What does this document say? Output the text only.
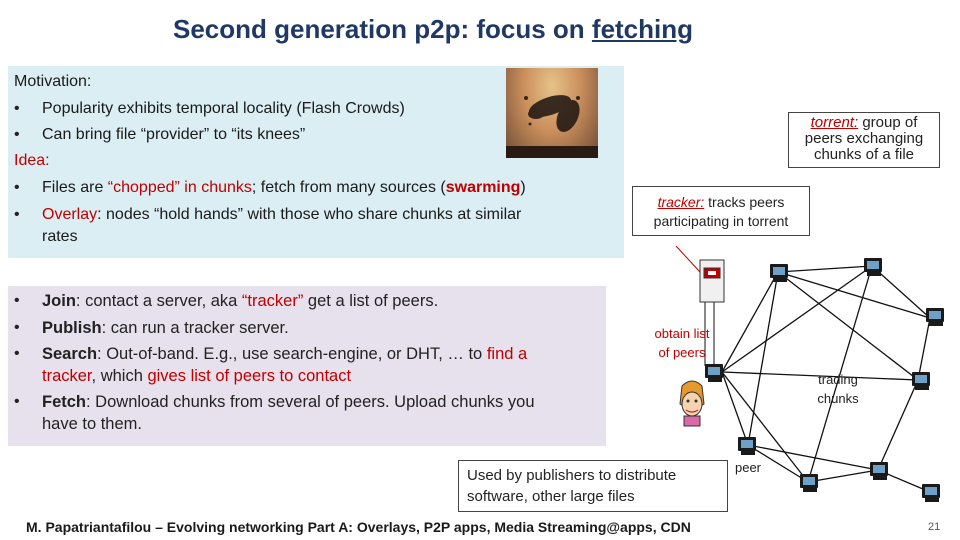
Second generation p2p: focus on fetching
Motivation:
• Popularity exhibits temporal locality (Flash Crowds)
• Can bring file “provider” to “its knees”
Idea:
• Files are “chopped” in chunks; fetch from many sources (swarming)
• Overlay: nodes “hold hands” with those who share chunks at similar
rates
• Join: contact a server, aka “tracker” get a list of peers.
• Publish: can run a tracker server.
• Search: Out-of-band. E.g., use search-engine, or DHT, … to find a
tracker, which gives list of peers to contact
• Fetch: Download chunks from several of peers. Upload chunks you
have to them.
torrent: group of
peers exchanging
chunks of a file
tracker: tracks peers
participating in torrent
obtain list
of peers
trading
chunks
peer
Used by publishers to distribute
software, other large files
M. Papatriantafilou – Evolving networking Part A: Overlays, P2P apps, Media Streaming@apps, CDN	21
